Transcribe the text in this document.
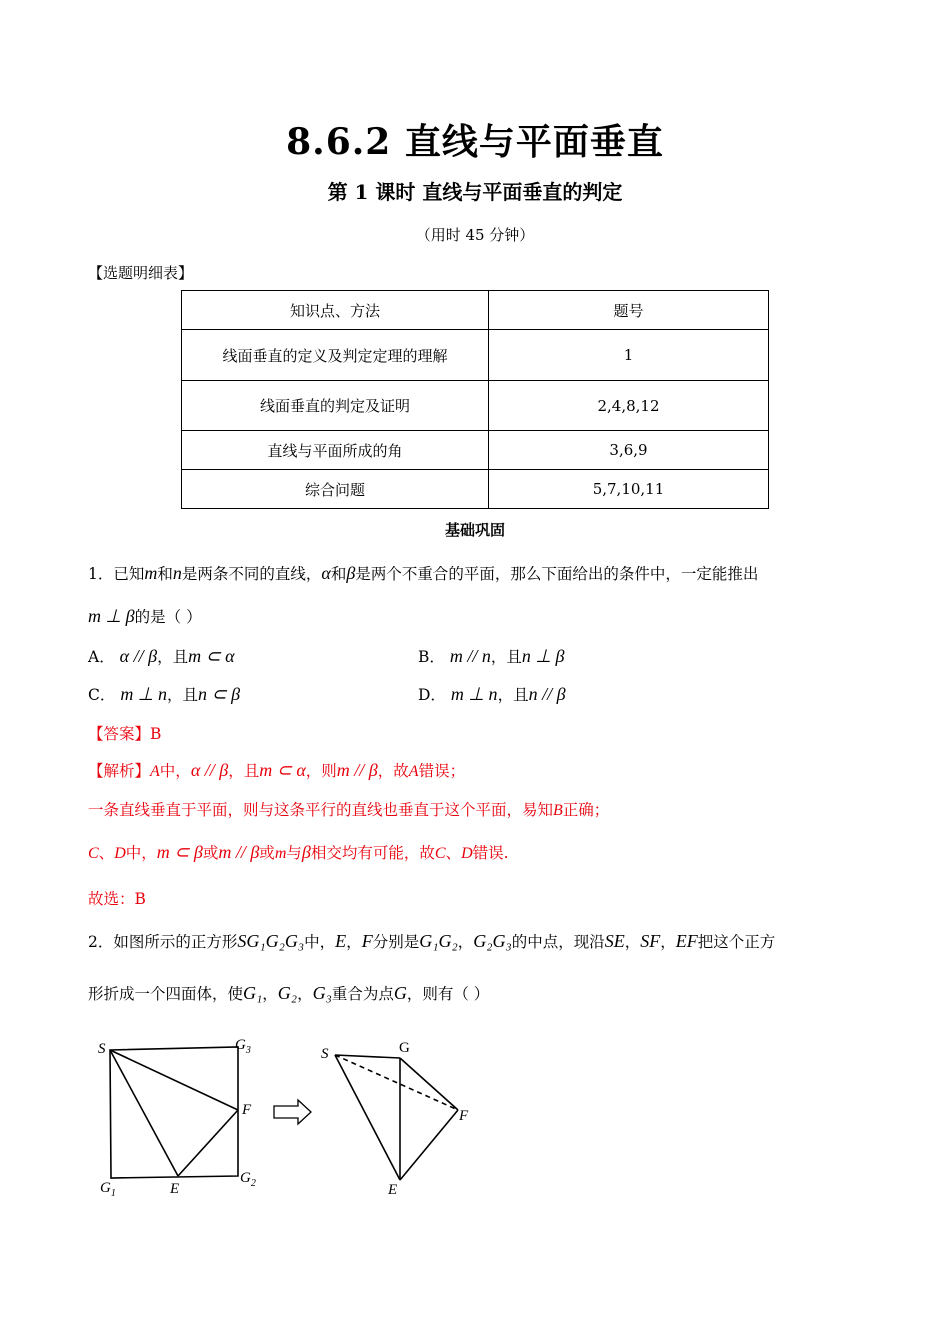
8.6.2 直线与平面垂直
第 1 课时 直线与平面垂直的判定
（用时 45 分钟）
【选题明细表】
知识点、方法	题号
线面垂直的定义及判定定理的理解	1
线面垂直的判定及证明	2,4,8,12
直线与平面所成的角	3,6,9
综合问题	5,7,10,11
基础巩固
1．已知m和n是两条不同的直线，α和β是两个不重合的平面，那么下面给出的条件中，一定能推出
m ⊥ β的是（ ）
A． α // β，且m ⊂ α	B． m // n，且n ⊥ β
C． m ⊥ n，且n ⊂ β	D． m ⊥ n，且n // β
【答案】B
【解析】A中，α // β，且m ⊂ α，则m // β，故A错误；
一条直线垂直于平面，则与这条平行的直线也垂直于这个平面，易知B正确；
C、D中，m ⊂ β或m // β或m与β相交均有可能，故C、D错误.
故选：B
2．如图所示的正方形SG₁G₂G₃中，E，F分别是G₁G₂，G₂G₃的中点，现沿SE，SF，EF把这个正方
形折成一个四面体，使G₁，G₂，G₃重合为点G，则有（ ）
S	$G_3$
F
$G_1$	E
$G_2$
S	G
F
E
